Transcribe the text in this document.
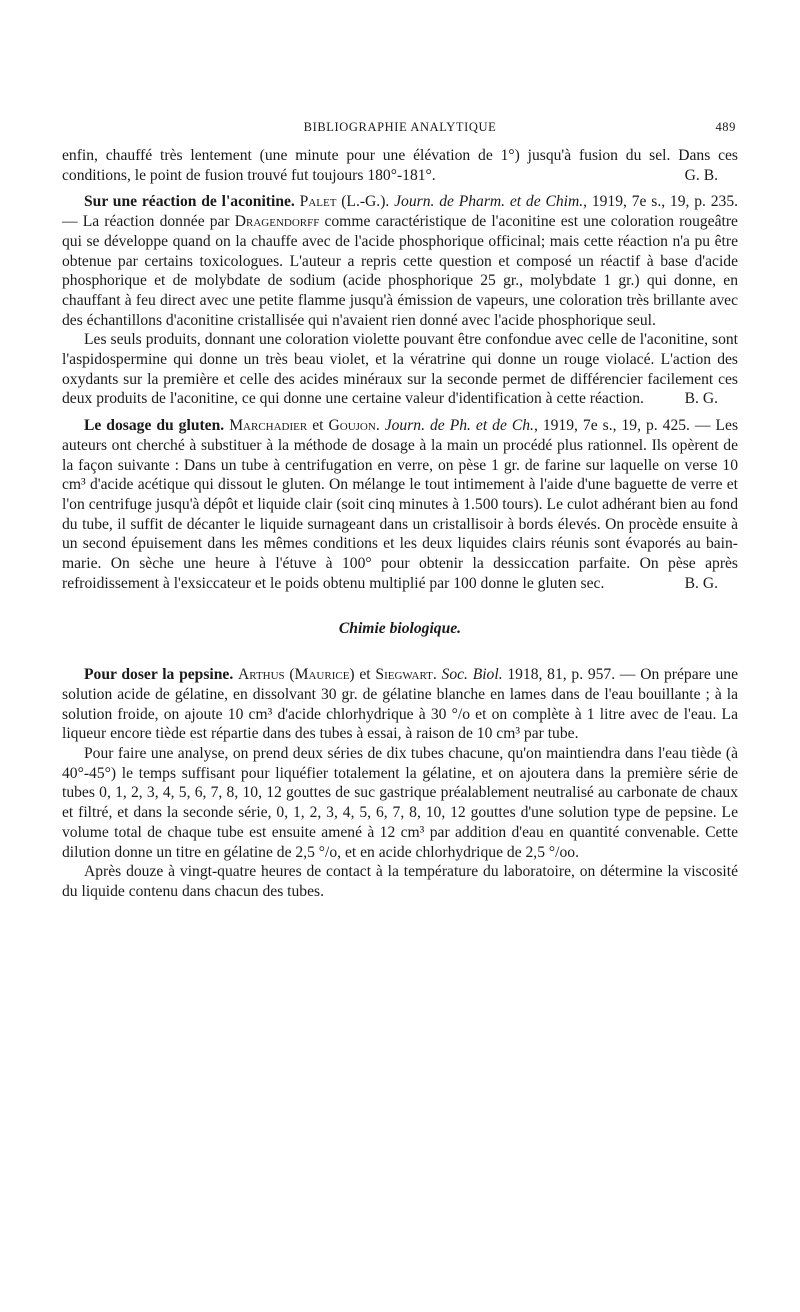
BIBLIOGRAPHIE ANALYTIQUE	489

enfin, chauffé très lentement (une minute pour une élévation de 1°) jusqu'à fusion du sel. Dans ces conditions, le point de fusion trouvé fut toujours 180°-181°.	G. B.

Sur une réaction de l'aconitine. Palet (L.-G.). Journ. de Pharm. et de Chim., 1919, 7e s., 19, p. 235. — La réaction donnée par Dragendorff comme caractéristique de l'aconitine est une coloration rougeâtre qui se développe quand on la chauffe avec de l'acide phosphorique officinal; mais cette réaction n'a pu être obtenue par certains toxicologues. L'auteur a repris cette question et composé un réactif à base d'acide phosphorique et de molybdate de sodium (acide phosphorique 25 gr., molybdate 1 gr.) qui donne, en chauffant à feu direct avec une petite flamme jusqu'à émission de vapeurs, une coloration très brillante avec des échantillons d'aconitine cristallisée qui n'avaient rien donné avec l'acide phosphorique seul.

Les seuls produits, donnant une coloration violette pouvant être confondue avec celle de l'aconitine, sont l'aspidospermine qui donne un très beau violet, et la vératrine qui donne un rouge violacé. L'action des oxydants sur la première et celle des acides minéraux sur la seconde permet de différencier facilement ces deux produits de l'aconitine, ce qui donne une certaine valeur d'identification à cette réaction.	B. G.

Le dosage du gluten. Marchadier et Goujon. Journ. de Ph. et de Ch., 1919, 7e s., 19, p. 425. — Les auteurs ont cherché à substituer à la méthode de dosage à la main un procédé plus rationnel. Ils opèrent de la façon suivante : Dans un tube à centrifugation en verre, on pèse 1 gr. de farine sur laquelle on verse 10 cm³ d'acide acétique qui dissout le gluten. On mélange le tout intimement à l'aide d'une baguette de verre et l'on centrifuge jusqu'à dépôt et liquide clair (soit cinq minutes à 1.500 tours). Le culot adhérant bien au fond du tube, il suffit de décanter le liquide surnageant dans un cristallisoir à bords élevés. On procède ensuite à un second épuisement dans les mêmes conditions et les deux liquides clairs réunis sont évaporés au bain-marie. On sèche une heure à l'étuve à 100° pour obtenir la dessiccation parfaite. On pèse après refroidissement à l'exsiccateur et le poids obtenu multiplié par 100 donne le gluten sec.	B. G.

Chimie biologique.

Pour doser la pepsine. Arthus (Maurice) et Siegwart. Soc. Biol. 1918, 81, p. 957. — On prépare une solution acide de gélatine, en dissolvant 30 gr. de gélatine blanche en lames dans de l'eau bouillante ; à la solution froide, on ajoute 10 cm³ d'acide chlorhydrique à 30 °/o et on complète à 1 litre avec de l'eau. La liqueur encore tiède est répartie dans des tubes à essai, à raison de 10 cm³ par tube.

Pour faire une analyse, on prend deux séries de dix tubes chacune, qu'on maintiendra dans l'eau tiède (à 40°-45°) le temps suffisant pour liquéfier totalement la gélatine, et on ajoutera dans la première série de tubes 0, 1, 2, 3, 4, 5, 6, 7, 8, 10, 12 gouttes de suc gastrique préalablement neutralisé au carbonate de chaux et filtré, et dans la seconde série, 0, 1, 2, 3, 4, 5, 6, 7, 8, 10, 12 gouttes d'une solution type de pepsine. Le volume total de chaque tube est ensuite amené à 12 cm³ par addition d'eau en quantité convenable. Cette dilution donne un titre en gélatine de 2,5 °/o, et en acide chlorhydrique de 2,5 °/oo.

Après douze à vingt-quatre heures de contact à la température du laboratoire, on détermine la viscosité du liquide contenu dans chacun des tubes.
